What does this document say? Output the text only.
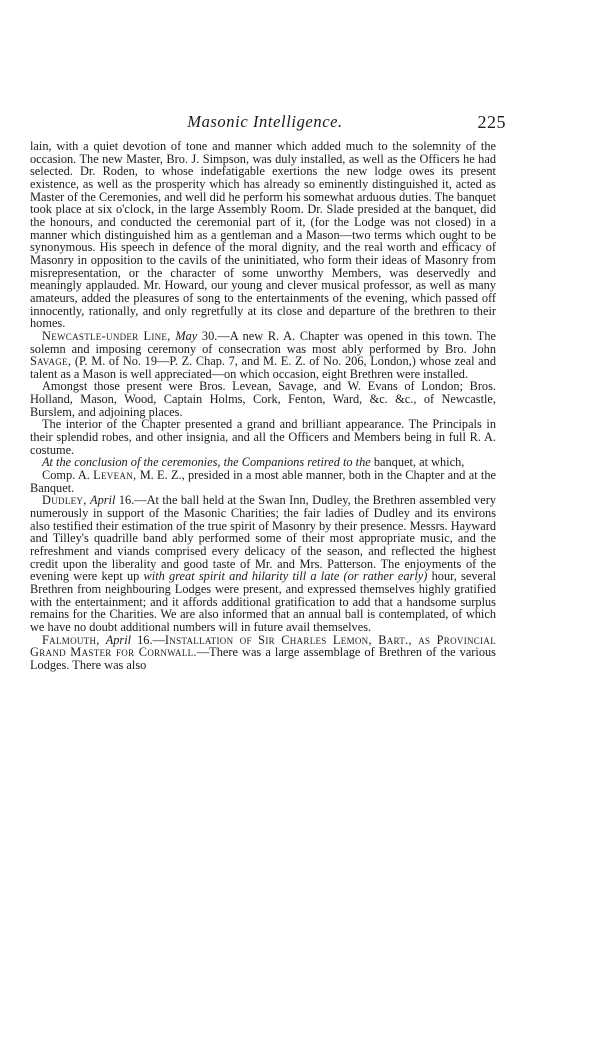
Masonic Intelligence.	225

lain, with a quiet devotion of tone and manner which added much to the solemnity of the occasion. The new Master, Bro. J. Simpson, was duly installed, as well as the Officers he had selected. Dr. Roden, to whose indefatigable exertions the new lodge owes its present existence, as well as the prosperity which has already so eminently distinguished it, acted as Master of the Ceremonies, and well did he perform his somewhat arduous duties. The banquet took place at six o'clock, in the large Assembly Room. Dr. Slade presided at the banquet, did the honours, and conducted the ceremonial part of it, (for the Lodge was not closed) in a manner which distinguished him as a gentleman and a Mason—two terms which ought to be synonymous. His speech in defence of the moral dignity, and the real worth and efficacy of Masonry in opposition to the cavils of the uninitiated, who form their ideas of Masonry from misrepresentation, or the character of some unworthy Members, was deservedly and meaningly applauded. Mr. Howard, our young and clever musical professor, as well as many amateurs, added the pleasures of song to the entertainments of the evening, which passed off innocently, rationally, and only regretfully at its close and departure of the brethren to their homes.

Newcastle-under Line, May 30.—A new R. A. Chapter was opened in this town. The solemn and imposing ceremony of consecration was most ably performed by Bro. John Savage, (P. M. of No. 19—P. Z. Chap. 7, and M. E. Z. of No. 206, London,) whose zeal and talent as a Mason is well appreciated—on which occasion, eight Brethren were installed.

Amongst those present were Bros. Levean, Savage, and W. Evans of London; Bros. Holland, Mason, Wood, Captain Holms, Cork, Fenton, Ward, &c. &c., of Newcastle, Burslem, and adjoining places.

The interior of the Chapter presented a grand and brilliant appearance. The Principals in their splendid robes, and other insignia, and all the Officers and Members being in full R. A. costume.

At the conclusion of the ceremonies, the Companions retired to the banquet, at which,

Comp. A. Levean, M. E. Z., presided in a most able manner, both in the Chapter and at the Banquet.

Dudley, April 16.—At the ball held at the Swan Inn, Dudley, the Brethren assembled very numerously in support of the Masonic Charities; the fair ladies of Dudley and its environs also testified their estimation of the true spirit of Masonry by their presence. Messrs. Hayward and Tilley's quadrille band ably performed some of their most appropriate music, and the refreshment and viands comprised every delicacy of the season, and reflected the highest credit upon the liberality and good taste of Mr. and Mrs. Patterson. The enjoyments of the evening were kept up with great spirit and hilarity till a late (or rather early) hour, several Brethren from neighbouring Lodges were present, and expressed themselves highly gratified with the entertainment; and it affords additional gratification to add that a handsome surplus remains for the Charities. We are also informed that an annual ball is contemplated, of which we have no doubt additional numbers will in future avail themselves.

Falmouth, April 16.—Installation of Sir Charles Lemon, Bart., as Provincial Grand Master for Cornwall.—There was a large assemblage of Brethren of the various Lodges. There was also
